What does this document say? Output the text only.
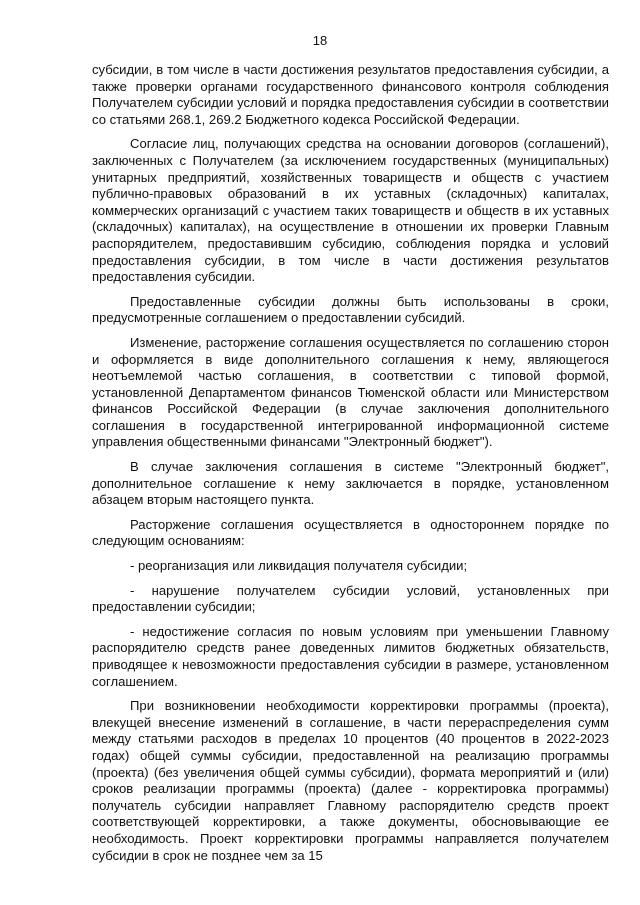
18

субсидии, в том числе в части достижения результатов предоставления субсидии, а также проверки органами государственного финансового контроля соблюдения Получателем субсидии условий и порядка предоставления субсидии в соответствии со статьями 268.1, 269.2 Бюджетного кодекса Российской Федерации.

Согласие лиц, получающих средства на основании договоров (соглашений), заключенных с Получателем (за исключением государственных (муниципальных) унитарных предприятий, хозяйственных товариществ и обществ с участием публично-правовых образований в их уставных (складочных) капиталах, коммерческих организаций с участием таких товариществ и обществ в их уставных (складочных) капиталах), на осуществление в отношении их проверки Главным распорядителем, предоставившим субсидию, соблюдения порядка и условий предоставления субсидии, в том числе в части достижения результатов предоставления субсидии.

Предоставленные субсидии должны быть использованы в сроки, предусмотренные соглашением о предоставлении субсидий.

Изменение, расторжение соглашения осуществляется по соглашению сторон и оформляется в виде дополнительного соглашения к нему, являющегося неотъемлемой частью соглашения, в соответствии с типовой формой, установленной Департаментом финансов Тюменской области или Министерством финансов Российской Федерации (в случае заключения дополнительного соглашения в государственной интегрированной информационной системе управления общественными финансами "Электронный бюджет").

В случае заключения соглашения в системе "Электронный бюджет", дополнительное соглашение к нему заключается в порядке, установленном абзацем вторым настоящего пункта.

Расторжение соглашения осуществляется в одностороннем порядке по следующим основаниям:

- реорганизация или ликвидация получателя субсидии;

- нарушение получателем субсидии условий, установленных при предоставлении субсидии;

- недостижение согласия по новым условиям при уменьшении Главному распорядителю средств ранее доведенных лимитов бюджетных обязательств, приводящее к невозможности предоставления субсидии в размере, установленном соглашением.

При возникновении необходимости корректировки программы (проекта), влекущей внесение изменений в соглашение, в части перераспределения сумм между статьями расходов в пределах 10 процентов (40 процентов в 2022-2023 годах) общей суммы субсидии, предоставленной на реализацию программы (проекта) (без увеличения общей суммы субсидии), формата мероприятий и (или) сроков реализации программы (проекта) (далее - корректировка программы) получатель субсидии направляет Главному распорядителю средств проект соответствующей корректировки, а также документы, обосновывающие ее необходимость. Проект корректировки программы направляется получателем субсидии в срок не позднее чем за 15
